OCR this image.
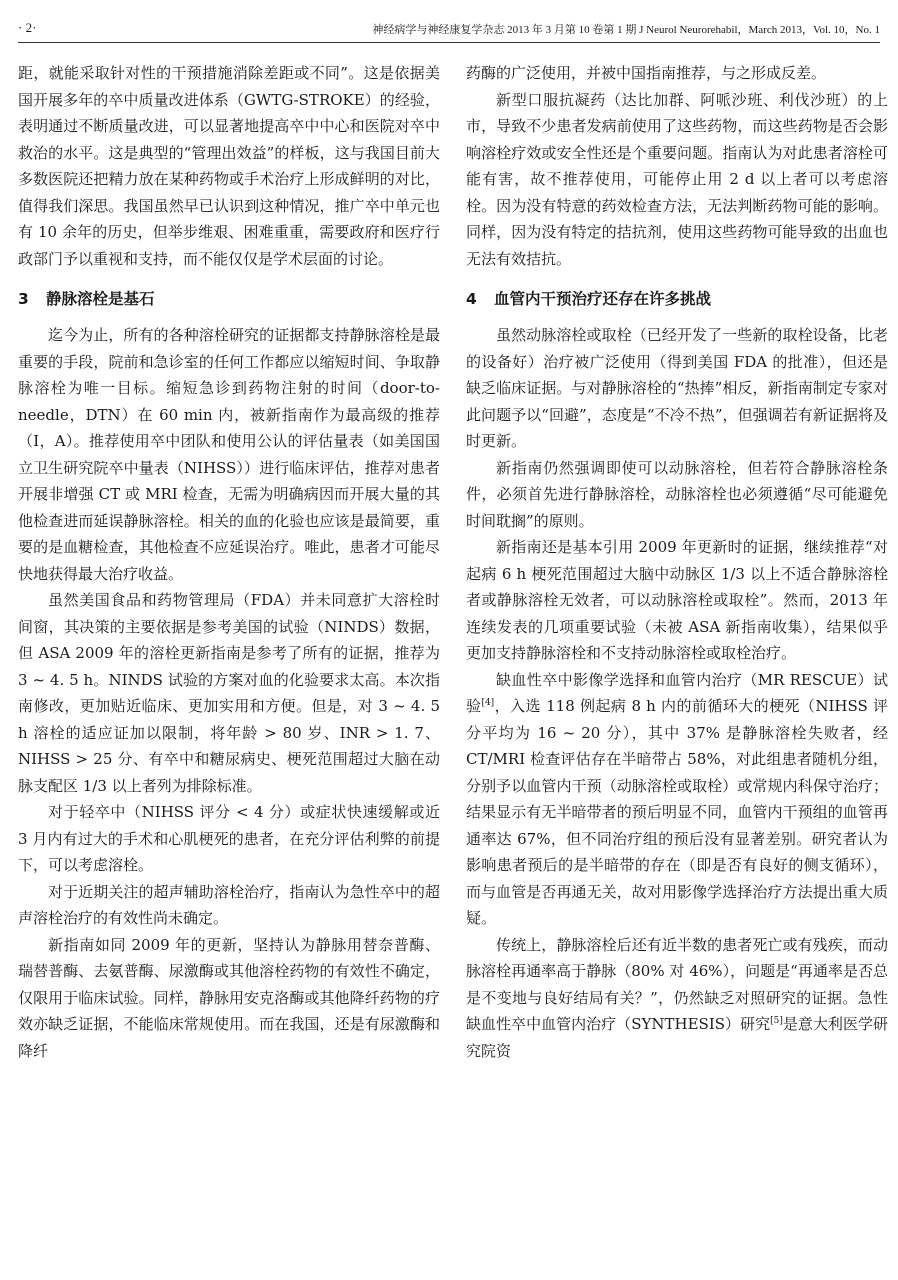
· 2·	神经病学与神经康复学杂志 2013 年 3 月第 10 卷第 1 期 J Neurol Neurorehabil，March 2013，Vol. 10，No. 1

距，就能采取针对性的干预措施消除差距或不同”。这是依据美国开展多年的卒中质量改进体系（GWTG-STROKE）的经验，表明通过不断质量改进，可以显著地提高卒中中心和医院对卒中救治的水平。这是典型的“管理出效益”的样板，这与我国目前大多数医院还把精力放在某种药物或手术治疗上形成鲜明的对比，值得我们深思。我国虽然早已认识到这种情况，推广卒中单元也有 10 余年的历史，但举步维艰、困难重重，需要政府和医疗行政部门予以重视和支持，而不能仅仅是学术层面的讨论。

3 静脉溶栓是基石

迄今为止，所有的各种溶栓研究的证据都支持静脉溶栓是最重要的手段，院前和急诊室的任何工作都应以缩短时间、争取静脉溶栓为唯一目标。缩短急诊到药物注射的时间（door-to-needle，DTN）在 60 min 内，被新指南作为最高级的推荐（I，A）。推荐使用卒中团队和使用公认的评估量表（如美国国立卫生研究院卒中量表（NIHSS））进行临床评估，推荐对患者开展非增强 CT 或 MRI 检查，无需为明确病因而开展大量的其他检查进而延误静脉溶栓。相关的血的化验也应该是最简要，重要的是血糖检查，其他检查不应延误治疗。唯此，患者才可能尽快地获得最大治疗收益。

虽然美国食品和药物管理局（FDA）并未同意扩大溶栓时间窗，其决策的主要依据是参考美国的试验（NINDS）数据，但 ASA 2009 年的溶栓更新指南是参考了所有的证据，推荐为 3 ~ 4. 5 h。NINDS 试验的方案对血的化验要求太高。本次指南修改，更加贴近临床、更加实用和方便。但是，对 3 ~ 4. 5 h 溶栓的适应证加以限制，将年龄 > 80 岁、INR > 1. 7、NIHSS > 25 分、有卒中和糖尿病史、梗死范围超过大脑在动脉支配区 1/3 以上者列为排除标准。

对于轻卒中（NIHSS 评分 < 4 分）或症状快速缓解或近 3 月内有过大的手术和心肌梗死的患者，在充分评估利弊的前提下，可以考虑溶栓。

对于近期关注的超声辅助溶栓治疗，指南认为急性卒中的超声溶栓治疗的有效性尚未确定。

新指南如同 2009 年的更新，坚持认为静脉用替奈普酶、瑞替普酶、去氨普酶、尿激酶或其他溶栓药物的有效性不确定，仅限用于临床试验。同样，静脉用安克洛酶或其他降纤药物的疗效亦缺乏证据，不能临床常规使用。而在我国，还是有尿激酶和降纤

药酶的广泛使用，并被中国指南推荐，与之形成反差。

新型口服抗凝药（达比加群、阿哌沙班、利伐沙班）的上市，导致不少患者发病前使用了这些药物，而这些药物是否会影响溶栓疗效或安全性还是个重要问题。指南认为对此患者溶栓可能有害，故不推荐使用，可能停止用 2 d 以上者可以考虑溶栓。因为没有特意的药效检查方法，无法判断药物可能的影响。同样，因为没有特定的拮抗剂，使用这些药物可能导致的出血也无法有效拮抗。

4 血管内干预治疗还存在许多挑战

虽然动脉溶栓或取栓（已经开发了一些新的取栓设备，比老的设备好）治疗被广泛使用（得到美国 FDA 的批准），但还是缺乏临床证据。与对静脉溶栓的“热捧”相反，新指南制定专家对此问题予以“回避”，态度是“不冷不热”，但强调若有新证据将及时更新。

新指南仍然强调即使可以动脉溶栓，但若符合静脉溶栓条件，必须首先进行静脉溶栓，动脉溶栓也必须遵循“尽可能避免时间耽搁”的原则。

新指南还是基本引用 2009 年更新时的证据，继续推荐“对起病 6 h 梗死范围超过大脑中动脉区 1/3 以上不适合静脉溶栓者或静脉溶栓无效者，可以动脉溶栓或取栓”。然而，2013 年连续发表的几项重要试验（未被 ASA 新指南收集），结果似乎更加支持静脉溶栓和不支持动脉溶栓或取栓治疗。

缺血性卒中影像学选择和血管内治疗（MR RESCUE）试验[4]，入选 118 例起病 8 h 内的前循环大的梗死（NIHSS 评分平均为 16 ~ 20 分），其中 37% 是静脉溶栓失败者，经 CT/MRI 检查评估存在半暗带占 58%，对此组患者随机分组，分别予以血管内干预（动脉溶栓或取栓）或常规内科保守治疗；结果显示有无半暗带者的预后明显不同，血管内干预组的血管再通率达 67%，但不同治疗组的预后没有显著差别。研究者认为影响患者预后的是半暗带的存在（即是否有良好的侧支循环），而与血管是否再通无关，故对用影像学选择治疗方法提出重大质疑。

传统上，静脉溶栓后还有近半数的患者死亡或有残疾，而动脉溶栓再通率高于静脉（80% 对 46%），问题是“再通率是否总是不变地与良好结局有关？”，仍然缺乏对照研究的证据。急性缺血性卒中血管内治疗（SYNTHESIS）研究[5]是意大利医学研究院资
